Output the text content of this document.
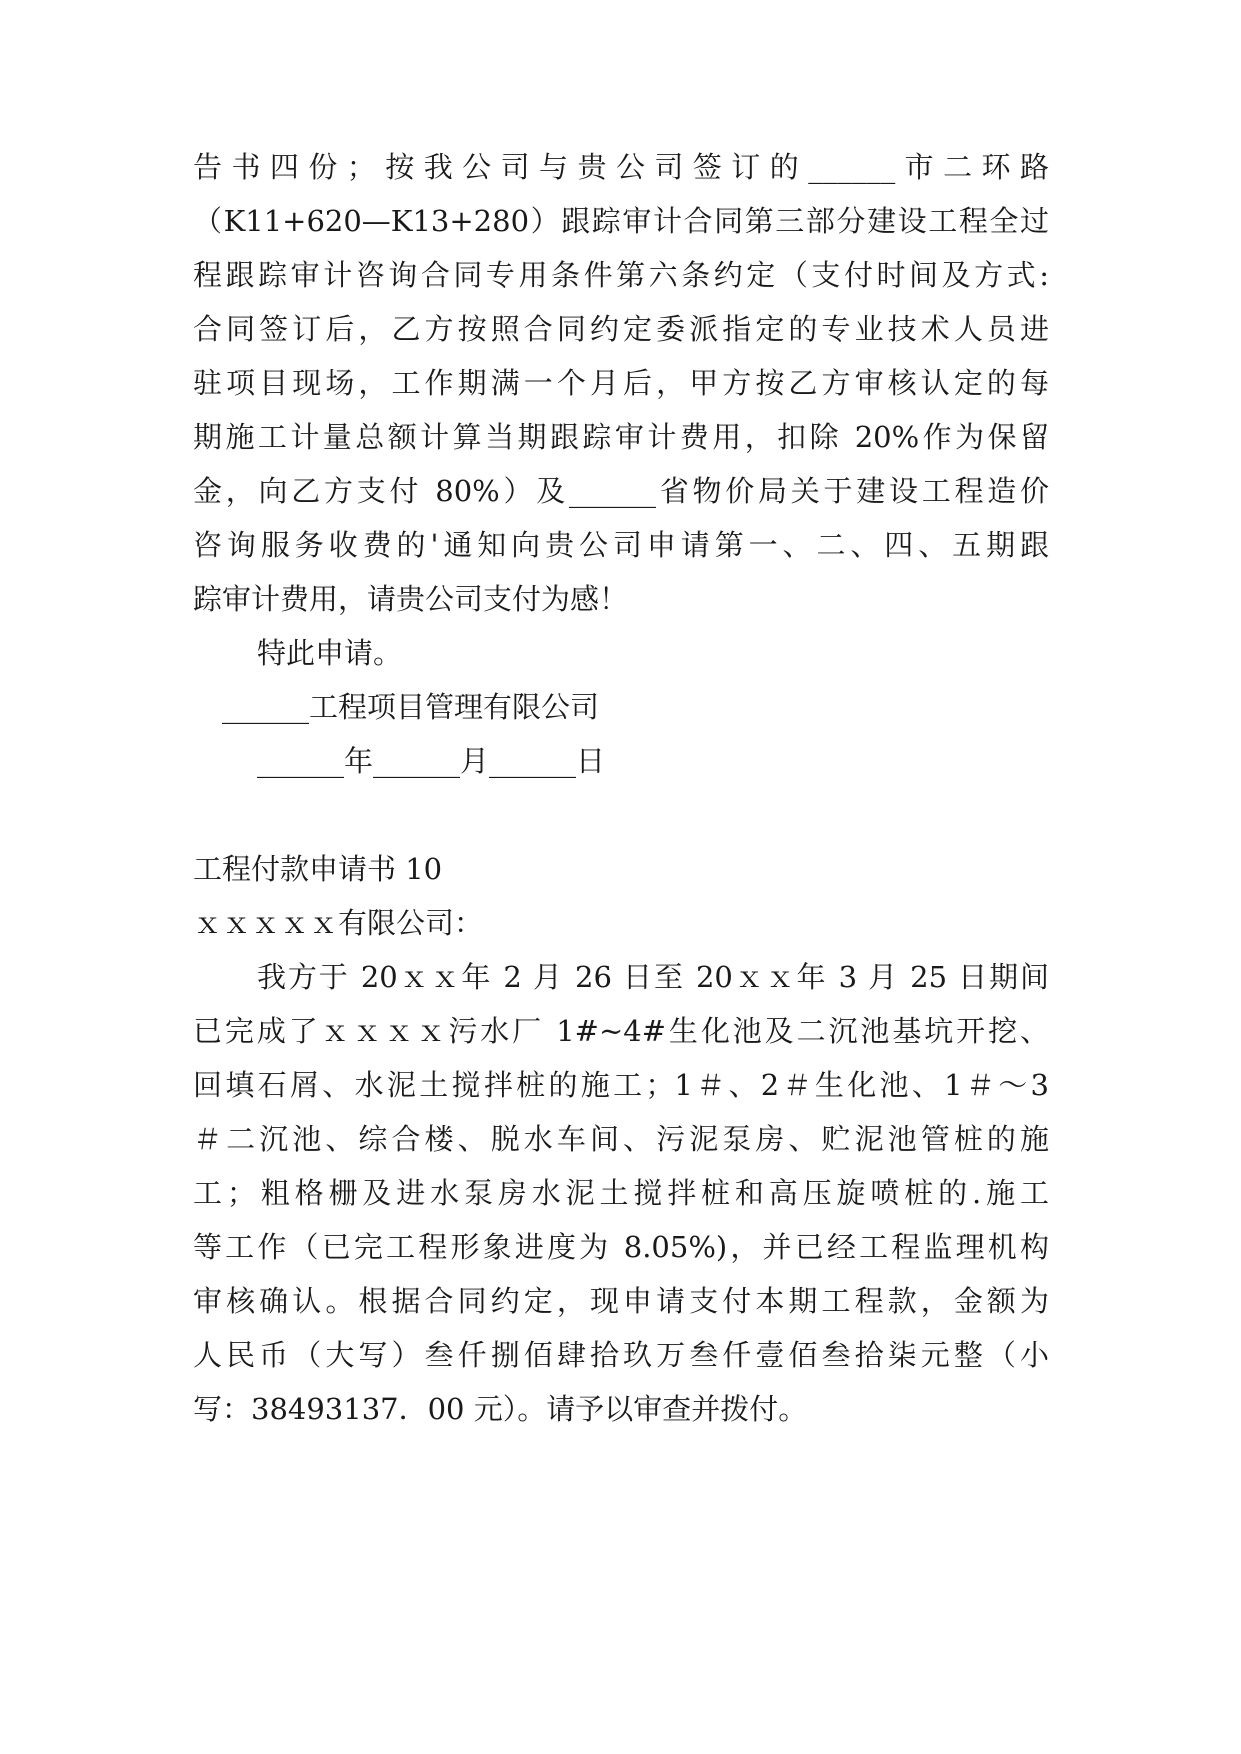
告书四份；按我公司与贵公司签订的______市二环路
（K11+620—K13+280）跟踪审计合同第三部分建设工程全过
程跟踪审计咨询合同专用条件第六条约定（支付时间及方式:
合同签订后，乙方按照合同约定委派指定的专业技术人员进
驻项目现场，工作期满一个月后，甲方按乙方审核认定的每
期施工计量总额计算当期跟踪审计费用，扣除 20%作为保留
金，向乙方支付 80%）及______省物价局关于建设工程造价
咨询服务收费的'通知向贵公司申请第一、二、四、五期跟
踪审计费用，请贵公司支付为感！
特此申请。
______工程项目管理有限公司
______年______月______日
工程付款申请书 10
ｘｘｘｘｘ有限公司：
我方于 20ｘｘ年 2 月 26 日至 20ｘｘ年 3 月 25 日期间
已完成了ｘｘｘｘ污水厂 1#~4#生化池及二沉池基坑开挖、
回填石屑、水泥土搅拌桩的施工；1＃、2＃生化池、1＃～3
＃二沉池、综合楼、脱水车间、污泥泵房、贮泥池管桩的施
工；粗格栅及进水泵房水泥土搅拌桩和高压旋喷桩的.施工
等工作（已完工程形象进度为 8.05%)，并已经工程监理机构
审核确认。根据合同约定，现申请支付本期工程款，金额为
人民币（大写）叁仟捌佰肆拾玖万叁仟壹佰叁拾柒元整（小
写：38493137．00 元）。请予以审查并拨付。
